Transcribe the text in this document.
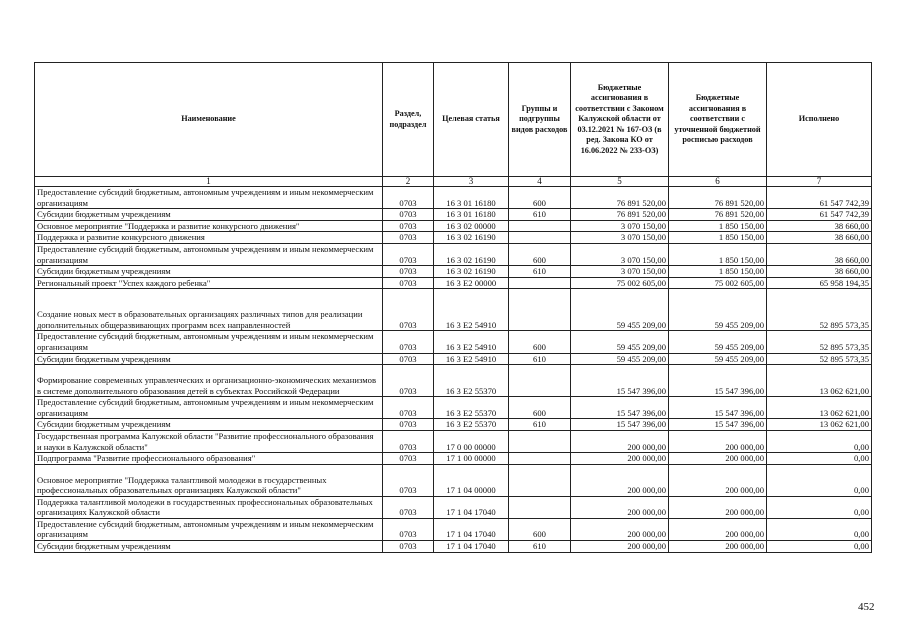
Наименование	Раздел, подраздел	Целевая статья	Группы и подгруппы видов расходов	Бюджетные ассигнования в соответствии с Законом Калужской области от 03.12.2021 № 167-ОЗ (в ред. Закона КО от 16.06.2022 № 233-ОЗ)	Бюджетные ассигнования в соответствии с уточненной бюджетной росписью расходов	Исполнено
1	2	3	4	5	6	7
Предоставление субсидий бюджетным, автономным учреждениям и иным некоммерческим организациям	0703	16 3 01 16180	600	76 891 520,00	76 891 520,00	61 547 742,39
Субсидии бюджетным учреждениям	0703	16 3 01 16180	610	76 891 520,00	76 891 520,00	61 547 742,39
Основное мероприятие "Поддержка и развитие конкурсного движения"	0703	16 3 02 00000		3 070 150,00	1 850 150,00	38 660,00
Поддержка и развитие конкурсного движения	0703	16 3 02 16190		3 070 150,00	1 850 150,00	38 660,00
Предоставление субсидий бюджетным, автономным учреждениям и иным некоммерческим организациям	0703	16 3 02 16190	600	3 070 150,00	1 850 150,00	38 660,00
Субсидии бюджетным учреждениям	0703	16 3 02 16190	610	3 070 150,00	1 850 150,00	38 660,00
Региональный проект "Успех каждого ребенка"	0703	16 3 E2 00000		75 002 605,00	75 002 605,00	65 958 194,35
Создание новых мест в образовательных организациях различных типов для реализации дополнительных общеразвивающих программ всех направленностей	0703	16 3 E2 54910		59 455 209,00	59 455 209,00	52 895 573,35
Предоставление субсидий бюджетным, автономным учреждениям и иным некоммерческим организациям	0703	16 3 E2 54910	600	59 455 209,00	59 455 209,00	52 895 573,35
Субсидии бюджетным учреждениям	0703	16 3 E2 54910	610	59 455 209,00	59 455 209,00	52 895 573,35
Формирование современных управленческих и организационно-экономических механизмов в системе дополнительного образования детей в субъектах Российской Федерации	0703	16 3 E2 55370		15 547 396,00	15 547 396,00	13 062 621,00
Предоставление субсидий бюджетным, автономным учреждениям и иным некоммерческим организациям	0703	16 3 E2 55370	600	15 547 396,00	15 547 396,00	13 062 621,00
Субсидии бюджетным учреждениям	0703	16 3 E2 55370	610	15 547 396,00	15 547 396,00	13 062 621,00
Государственная программа Калужской области "Развитие профессионального образования и науки в Калужской области"	0703	17 0 00 00000		200 000,00	200 000,00	0,00
Подпрограмма "Развитие профессионального образования"	0703	17 1 00 00000		200 000,00	200 000,00	0,00
Основное мероприятие "Поддержка талантливой молодежи в государственных профессиональных образовательных организациях Калужской области"	0703	17 1 04 00000		200 000,00	200 000,00	0,00
Поддержка талантливой молодежи в государственных профессиональных образовательных организациях Калужской области	0703	17 1 04 17040		200 000,00	200 000,00	0,00
Предоставление субсидий бюджетным, автономным учреждениям и иным некоммерческим организациям	0703	17 1 04 17040	600	200 000,00	200 000,00	0,00
Субсидии бюджетным учреждениям	0703	17 1 04 17040	610	200 000,00	200 000,00	0,00
452
